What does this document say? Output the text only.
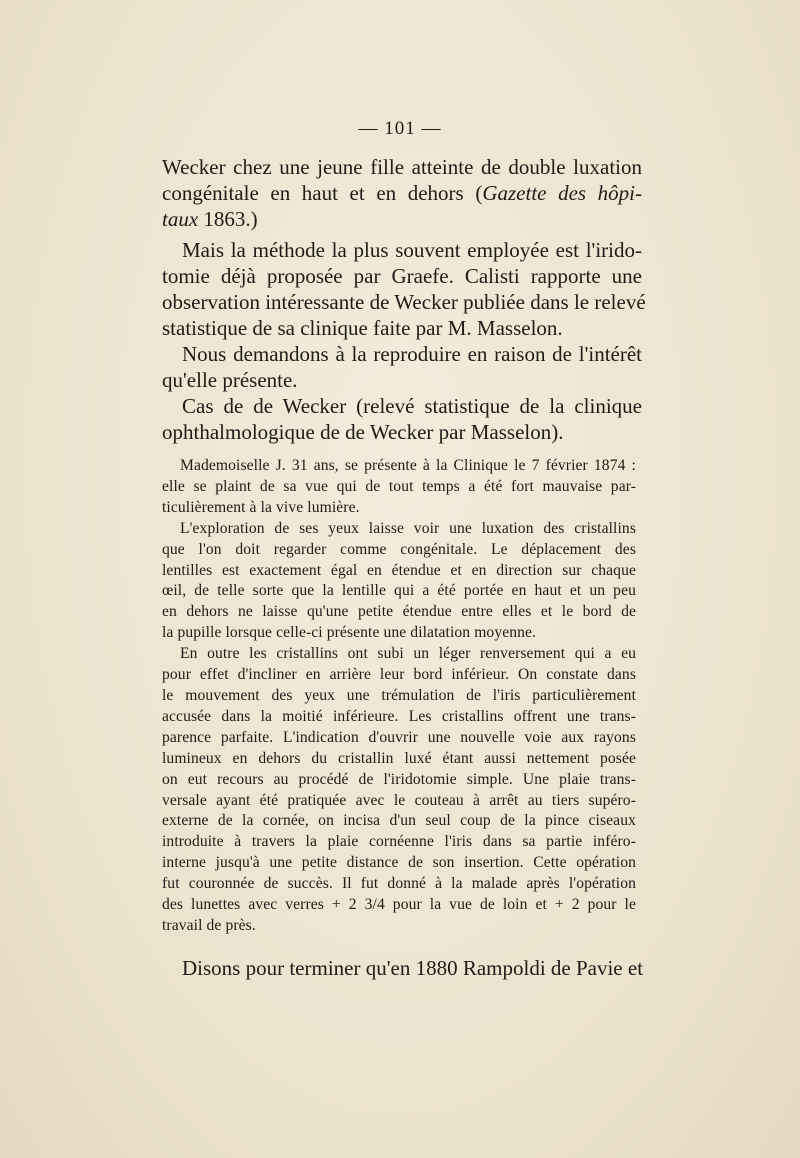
— 101 —
Wecker chez une jeune fille atteinte de double luxation
congénitale en haut et en dehors (Gazette des hôpi-
taux 1863.)
Mais la méthode la plus souvent employée est l'irido-
tomie déjà proposée par Graefe. Calisti rapporte une
observation intéressante de Wecker publiée dans le relevé
statistique de sa clinique faite par M. Masselon.
Nous demandons à la reproduire en raison de l'intérêt
qu'elle présente.
Cas de de Wecker (relevé statistique de la clinique
ophthalmologique de de Wecker par Masselon).

Mademoiselle J. 31 ans, se présente à la Clinique le 7 février 1874 :
elle se plaint de sa vue qui de tout temps a été fort mauvaise par-
ticulièrement à la vive lumière.

L'exploration de ses yeux laisse voir une luxation des cristallins
que l'on doit regarder comme congénitale. Le déplacement des
lentilles est exactement égal en étendue et en direction sur chaque
œil, de telle sorte que la lentille qui a été portée en haut et un peu
en dehors ne laisse qu'une petite étendue entre elles et le bord de
la pupille lorsque celle-ci présente une dilatation moyenne.

En outre les cristallins ont subi un léger renversement qui a eu
pour effet d'incliner en arrière leur bord inférieur. On constate dans
le mouvement des yeux une trémulation de l'iris particulièrement
accusée dans la moitié inférieure. Les cristallins offrent une trans-
parence parfaite. L'indication d'ouvrir une nouvelle voie aux rayons
lumineux en dehors du cristallin luxé étant aussi nettement posée
on eut recours au procédé de l'iridotomie simple. Une plaie trans-
versale ayant été pratiquée avec le couteau à arrêt au tiers supéro-
externe de la cornée, on incisa d'un seul coup de la pince ciseaux
introduite à travers la plaie cornéenne l'iris dans sa partie inféro-
interne jusqu'à une petite distance de son insertion. Cette opération
fut couronnée de succès. Il fut donné à la malade après l'opération
des lunettes avec verres + 2 3/4 pour la vue de loin et + 2 pour le
travail de près.

Disons pour terminer qu'en 1880 Rampoldi de Pavie et
